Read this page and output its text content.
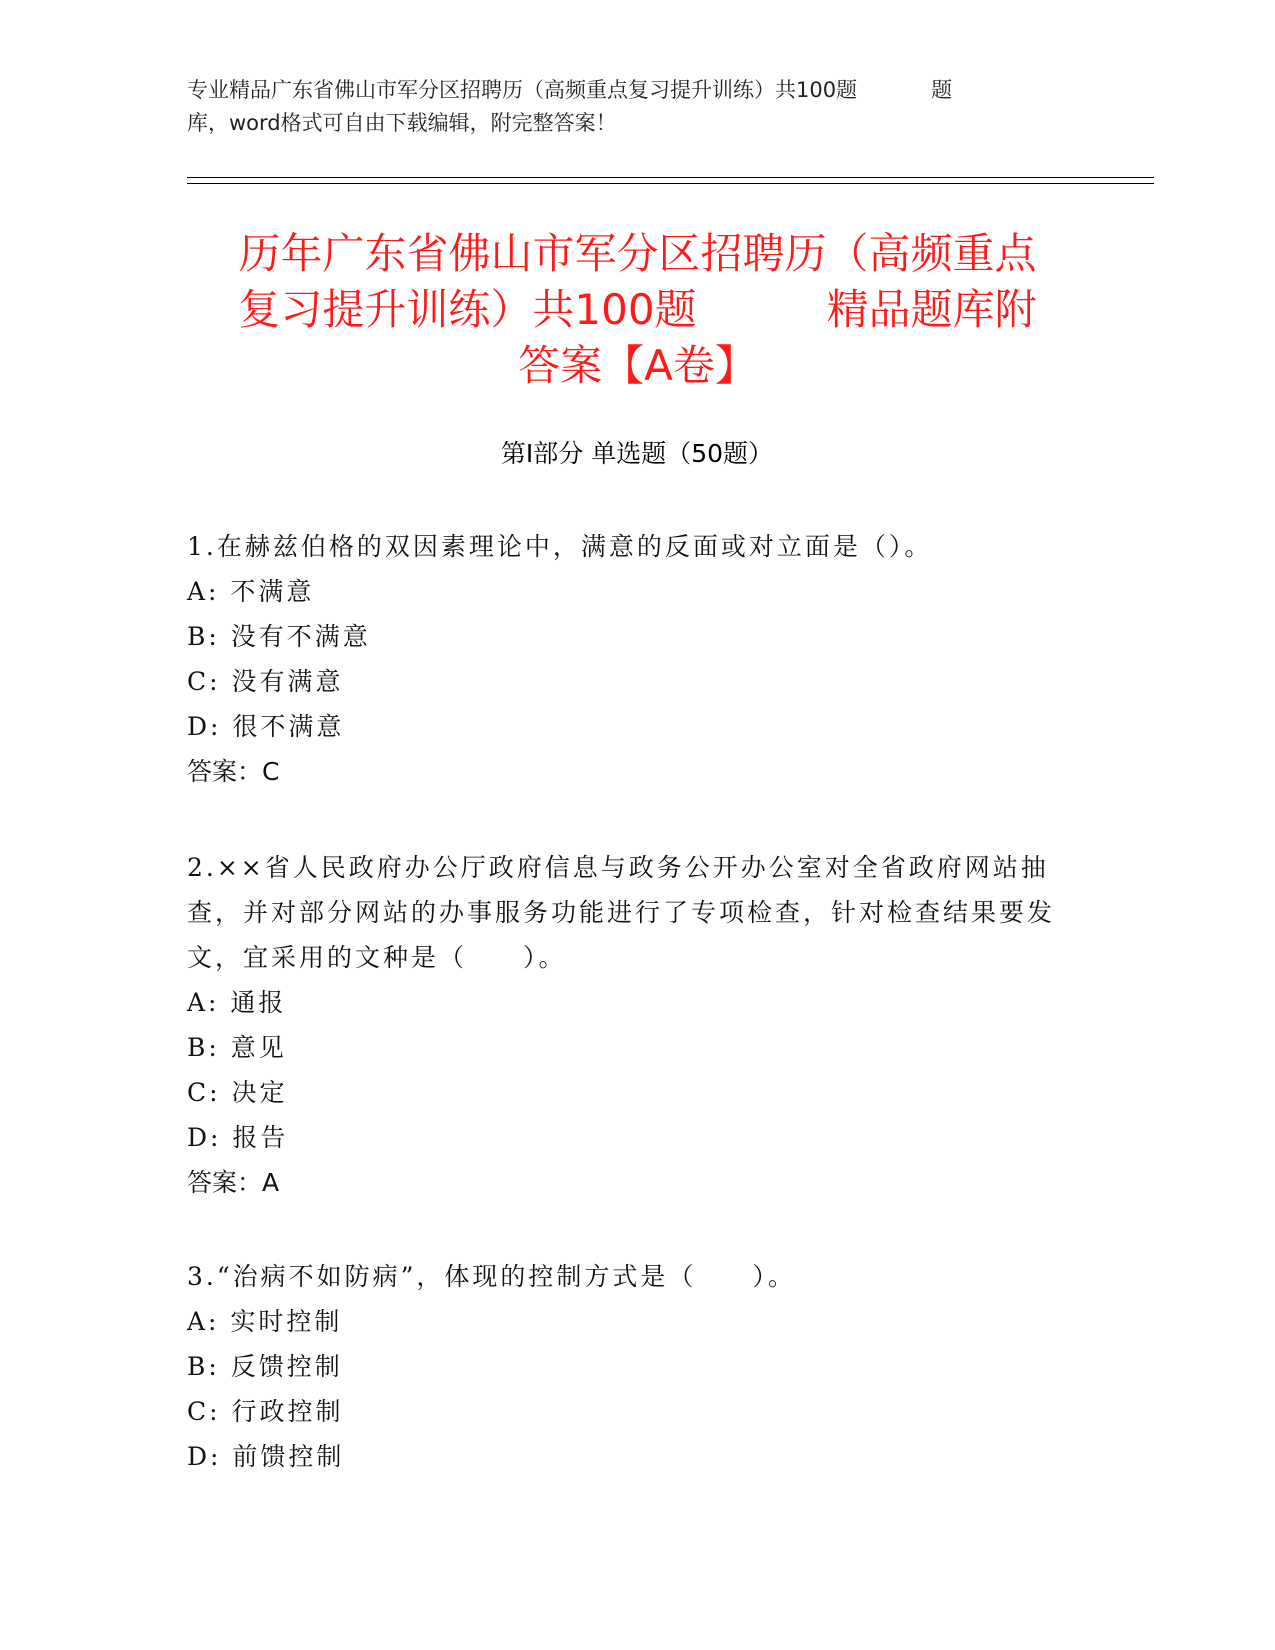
专业精品广东省佛山市军分区招聘历（高频重点复习提升训练）共100题	题
库，word格式可自由下载编辑，附完整答案！
历年广东省佛山市军分区招聘历（高频重点
复习提升训练）共100题	精品题库附
答案【A卷】
第I部分 单选题（50题）
1.在赫兹伯格的双因素理论中，满意的反面或对立面是（）。
A: 不满意
B: 没有不满意
C: 没有满意
D: 很不满意
答案：C
2.××省人民政府办公厅政府信息与政务公开办公室对全省政府网站抽查，并对部分网站的办事服务功能进行了专项检查，针对检查结果要发文，宜采用的文种是（　　）。
A: 通报
B: 意见
C: 决定
D: 报告
答案：A
3.“治病不如防病”，体现的控制方式是（　　）。
A: 实时控制
B: 反馈控制
C: 行政控制
D: 前馈控制
